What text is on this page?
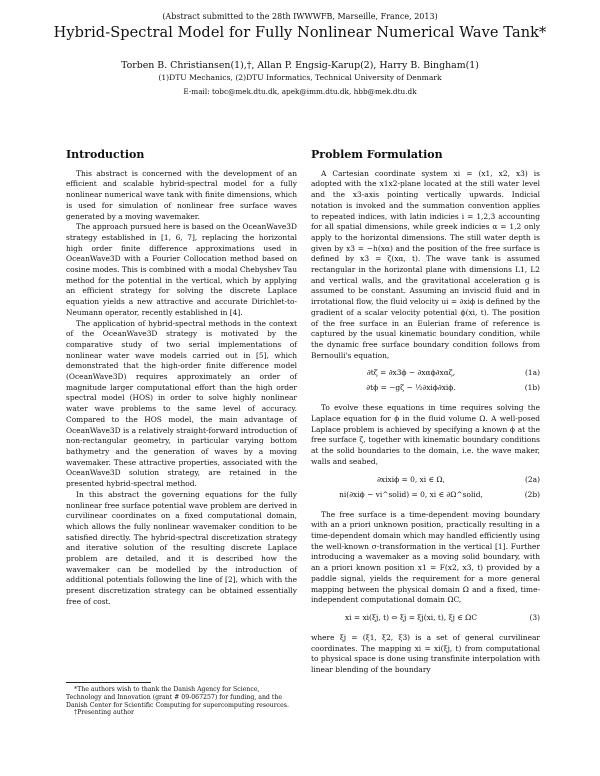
(Abstract submitted to the 28th IWWWFB, Marseille, France, 2013)
Hybrid-Spectral Model for Fully Nonlinear Numerical Wave Tank*
Torben B. Christiansen(1),†, Allan P. Engsig-Karup(2), Harry B. Bingham(1)
(1)DTU Mechanics, (2)DTU Informatics, Technical University of Denmark
E-mail: tobc@mek.dtu.dk, apek@imm.dtu.dk, hbb@mek.dtu.dk
Introduction

This abstract is concerned with the development of an efficient and scalable hybrid-spectral model for a fully nonlinear numerical wave tank with finite dimensions, which is used for simulation of nonlinear free surface waves generated by a moving wavemaker.

The approach pursued here is based on the OceanWave3D strategy established in [1, 6, 7], replacing the horizontal high order finite difference approximations used in OceanWave3D with a Fourier Collocation method based on cosine modes. This is combined with a modal Chebyshev Tau method for the potential in the vertical, which by applying an efficient strategy for solving the discrete Laplace equation yields a new attractive and accurate Dirichlet-to-Neumann operator, recently established in [4].

The application of hybrid-spectral methods in the context of the OceanWave3D strategy is motivated by the comparative study of two serial implementations of nonlinear water wave models carried out in [5], which demonstrated that the high-order finite difference model (OceanWave3D) requires approximately an order of magnitude larger computational effort than the high order spectral model (HOS) in order to solve highly nonlinear water wave problems to the same level of accuracy. Compared to the HOS model, the main advantage of OceanWave3D is a relatively straight-forward introduction of non-rectangular geometry, in particular varying bottom bathymetry and the generation of waves by a moving wavemaker. These attractive properties, associated with the OceanWave3D solution strategy, are retained in the presented hybrid-spectral method.

In this abstract the governing equations for the fully nonlinear free surface potential wave problem are derived in curvilinear coordinates on a fixed computational domain, which allows the fully nonlinear wavemaker condition to be satisfied directly. The hybrid-spectral discretization strategy and iterative solution of the resulting discrete Laplace problem are detailed, and it is described how the wavemaker can be modelled by the introduction of additional potentials following the line of [2], which with the present discretization strategy can be obtained essentially free of cost.

*The authors wish to thank the Danish Agency for Science, Technology and Innovation (grant # 09-067257) for funding, and the Danish Center for Scientific Computing for supercomputing resources.

†Presenting author

Problem Formulation

A Cartesian coordinate system xi = (x1, x2, x3) is adopted with the x1x2-plane located at the still water level and the x3-axis pointing vertically upwards. Indicial notation is invoked and the summation convention applies to repeated indices, with latin indicies i = 1,2,3 accounting for all spatial dimensions, while greek indicies α = 1,2 only apply to the horizontal dimensions. The still water depth is given by x3 = −h(xα) and the position of the free surface is defined by x3 = ζ(xα, t). The wave tank is assumed rectangular in the horizontal plane with dimensions L1, L2 and vertical walls, and the gravitational acceleration g is assumed to be constant. Assuming an inviscid fluid and in irrotational flow, the fluid velocity ui = ∂xiϕ is defined by the gradient of a scalar velocity potential ϕ(xi, t). The position of the free surface in an Eulerian frame of reference is captured by the usual kinematic boundary condition, while the dynamic free surface boundary condition follows from Bernoulli's equation,

∂tζ = ∂x3ϕ − ∂xαϕ∂xαζ,	(1a)
∂tϕ = −gζ − ½∂xiϕ∂xiϕ.	(1b)

To evolve these equations in time requires solving the Laplace equation for ϕ in the fluid volume Ω. A well-posed Laplace problem is achieved by specifying a known ϕ at the free surface ζ, together with kinematic boundary conditions at the solid boundaries to the domain, i.e. the wave maker, walls and seabed,

∂xixiϕ = 0, xi ∈ Ω,	(2a)
ni(∂xiϕ − vi^solid) = 0, xi ∈ ∂Ω^solid,	(2b)

The free surface is a time-dependent moving boundary with an a priori unknown position, practically resulting in a time-dependent domain which may handled efficiently using the well-known σ-transformation in the vertical [1]. Further introducing a wavemaker as a moving solid boundary, with an a priori known position x1 = F(x2, x3, t) provided by a paddle signal, yields the requirement for a more general mapping between the physical domain Ω and a fixed, time-independent computational domain ΩC,

xi = xi(ξj, t) ⇔ ξj = ξj(xi, t), ξj ∈ ΩC	(3)

where ξj = (ξ1, ξ2, ξ3) is a set of general curvilinear coordinates. The mapping xi = xi(ξj, t) from computational to physical space is done using transfinite interpolation with linear blending of the boundary
